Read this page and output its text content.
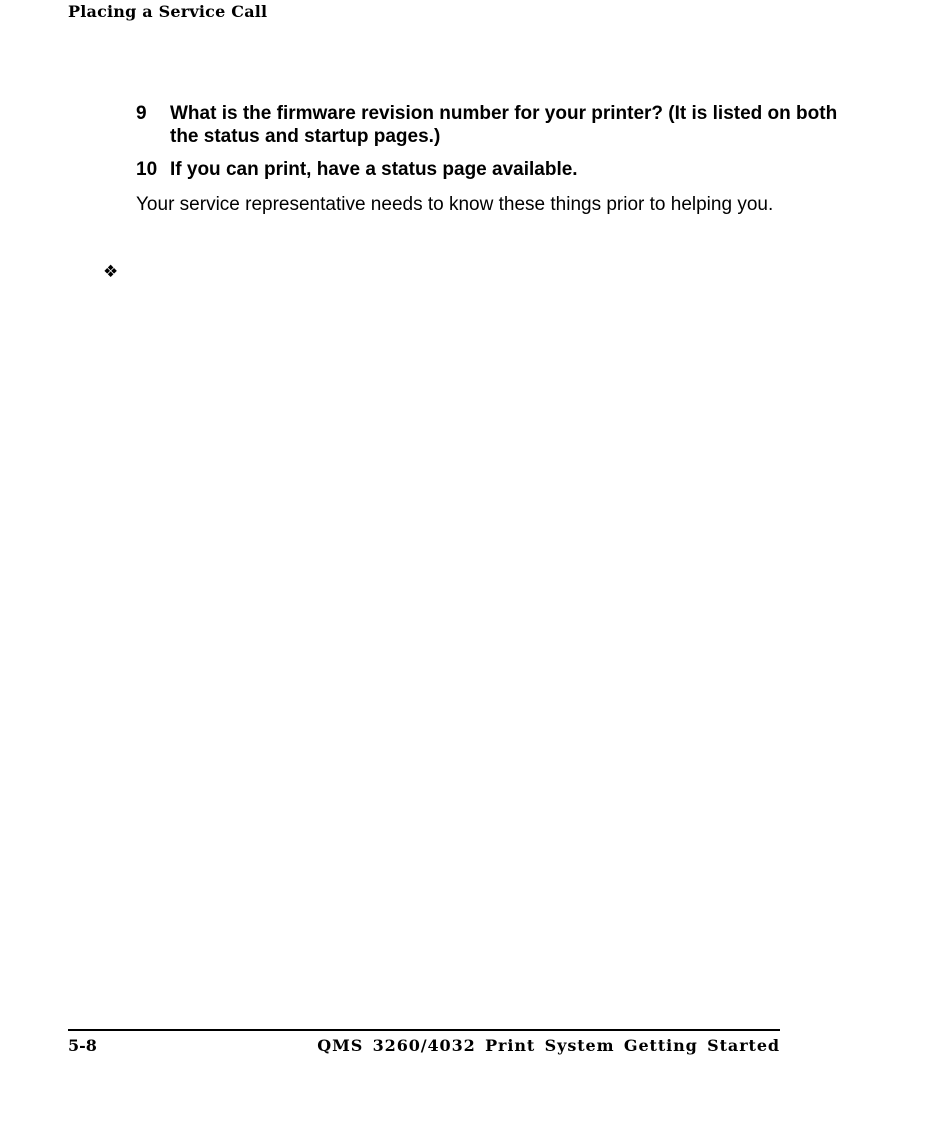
Placing a Service Call
9	What is the firmware revision number for your printer? (It is listed on both the status and startup pages.)
10 If you can print, have a status page available.

Your service representative needs to know these things prior to helping you.

❖
5-8	QMS 3260/4032 Print System Getting Started
